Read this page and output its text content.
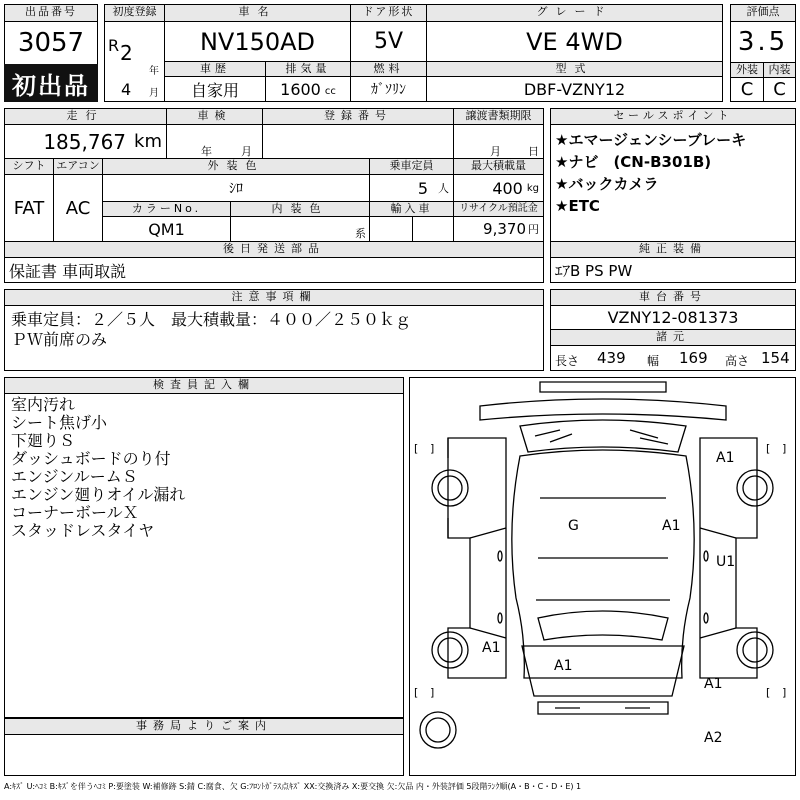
出品番号
3057
初出品
初度登録
R 2
年
4 月
車名
NV150AD
ドア形状
5V
グレード
VE 4WD
評価点
3.5
外装 内装
C	C
車歴
自家用
排気量
1600 cc
燃料
ｶﾞｿﾘﾝ
型式
DBF-VZNY12
走行
185,767 km
車検
年	月
登録番号	譲渡書類期限
月 日
シフト
FAT
エアコン
AC
外装色
ｼﾛ
乗車定員
5 人
最大積載量
400 kg
カラーNo.
QM1
内装色
系
輸入車	リサイクル預託金
9,370 円
セールスポイント
★エマージェンシーブレーキ
★ナビ　(CN-B301B)
★バックカメラ
★ETC
後日発送部品
保証書 車両取説
純正装備
ｴｱB PS PW
注意事項欄
乗車定員：２／５人　最大積載量：４００／２５０ｋｇ
ＰＷ前席のみ
車台番号
VZNY12-081373
諸元
長さ 439 幅 169 高さ 154
検査員記入欄
室内汚れ
シート焦げ小
下廻りＳ
ダッシュボードのり付
エンジンルームＳ
エンジン廻りオイル漏れ
コーナーボールＸ
スタッドレスタイヤ
事務局よりご案内
[ ]	[ ]
[ ]	[ ]
A1
A1
G
U1
A1
A1
A1
A2
A:ｷｽﾞ U:ﾍｺﾐ B:ｷｽﾞを伴うﾍｺﾐ P:要塗装 W:補修跡 S:錆 C:腐食、欠 G:ﾌﾛﾝﾄｶﾞﾗｽ点ｷｽﾞ XX:交換済み X:要交換 欠:欠品 内・外装評価 5段階ﾗﾝｸ順(A・B・C・D・E) 1
